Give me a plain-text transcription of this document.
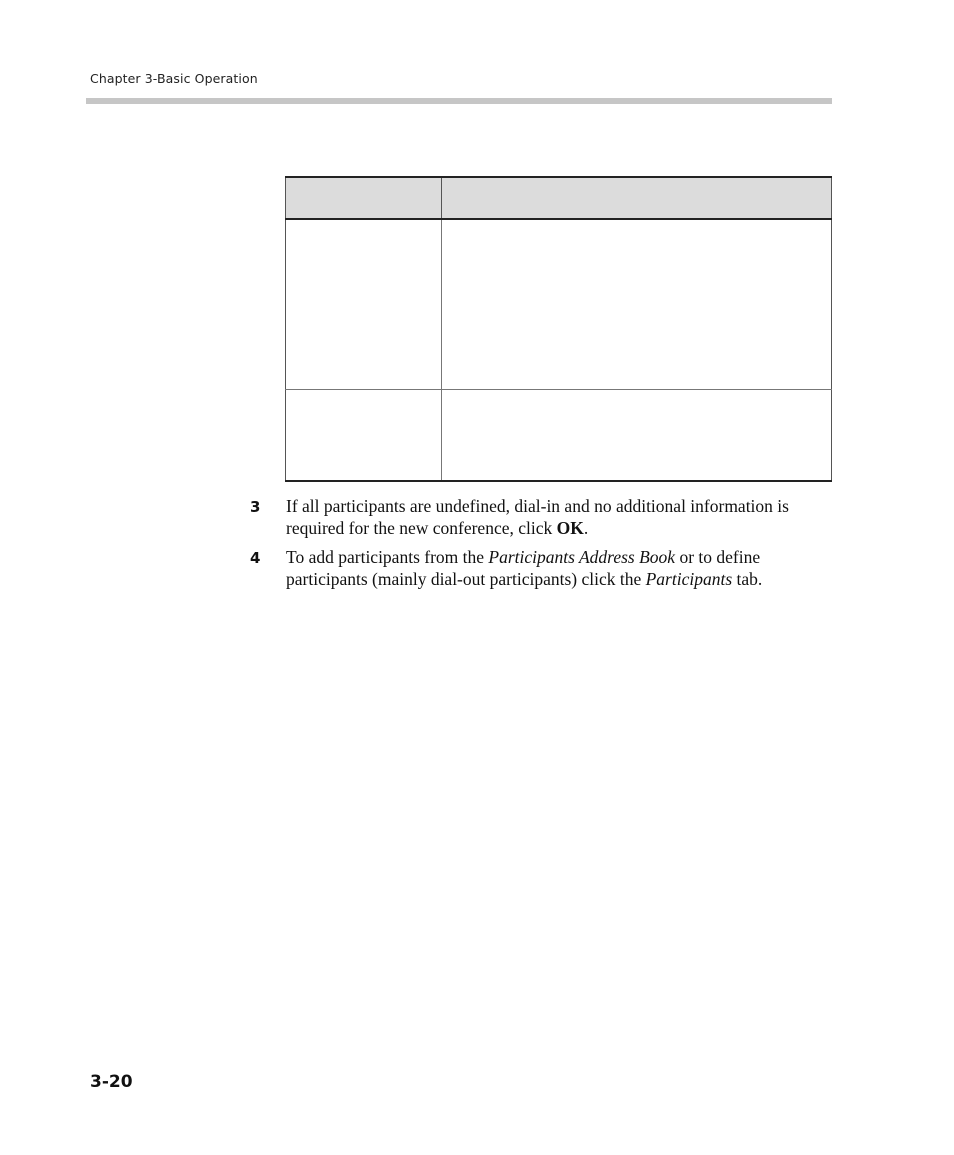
Chapter 3-Basic Operation

3 If all participants are undefined, dial-in and no additional information is required for the new conference, click OK.
4 To add participants from the Participants Address Book or to define participants (mainly dial-out participants) click the Participants tab.
3-20
